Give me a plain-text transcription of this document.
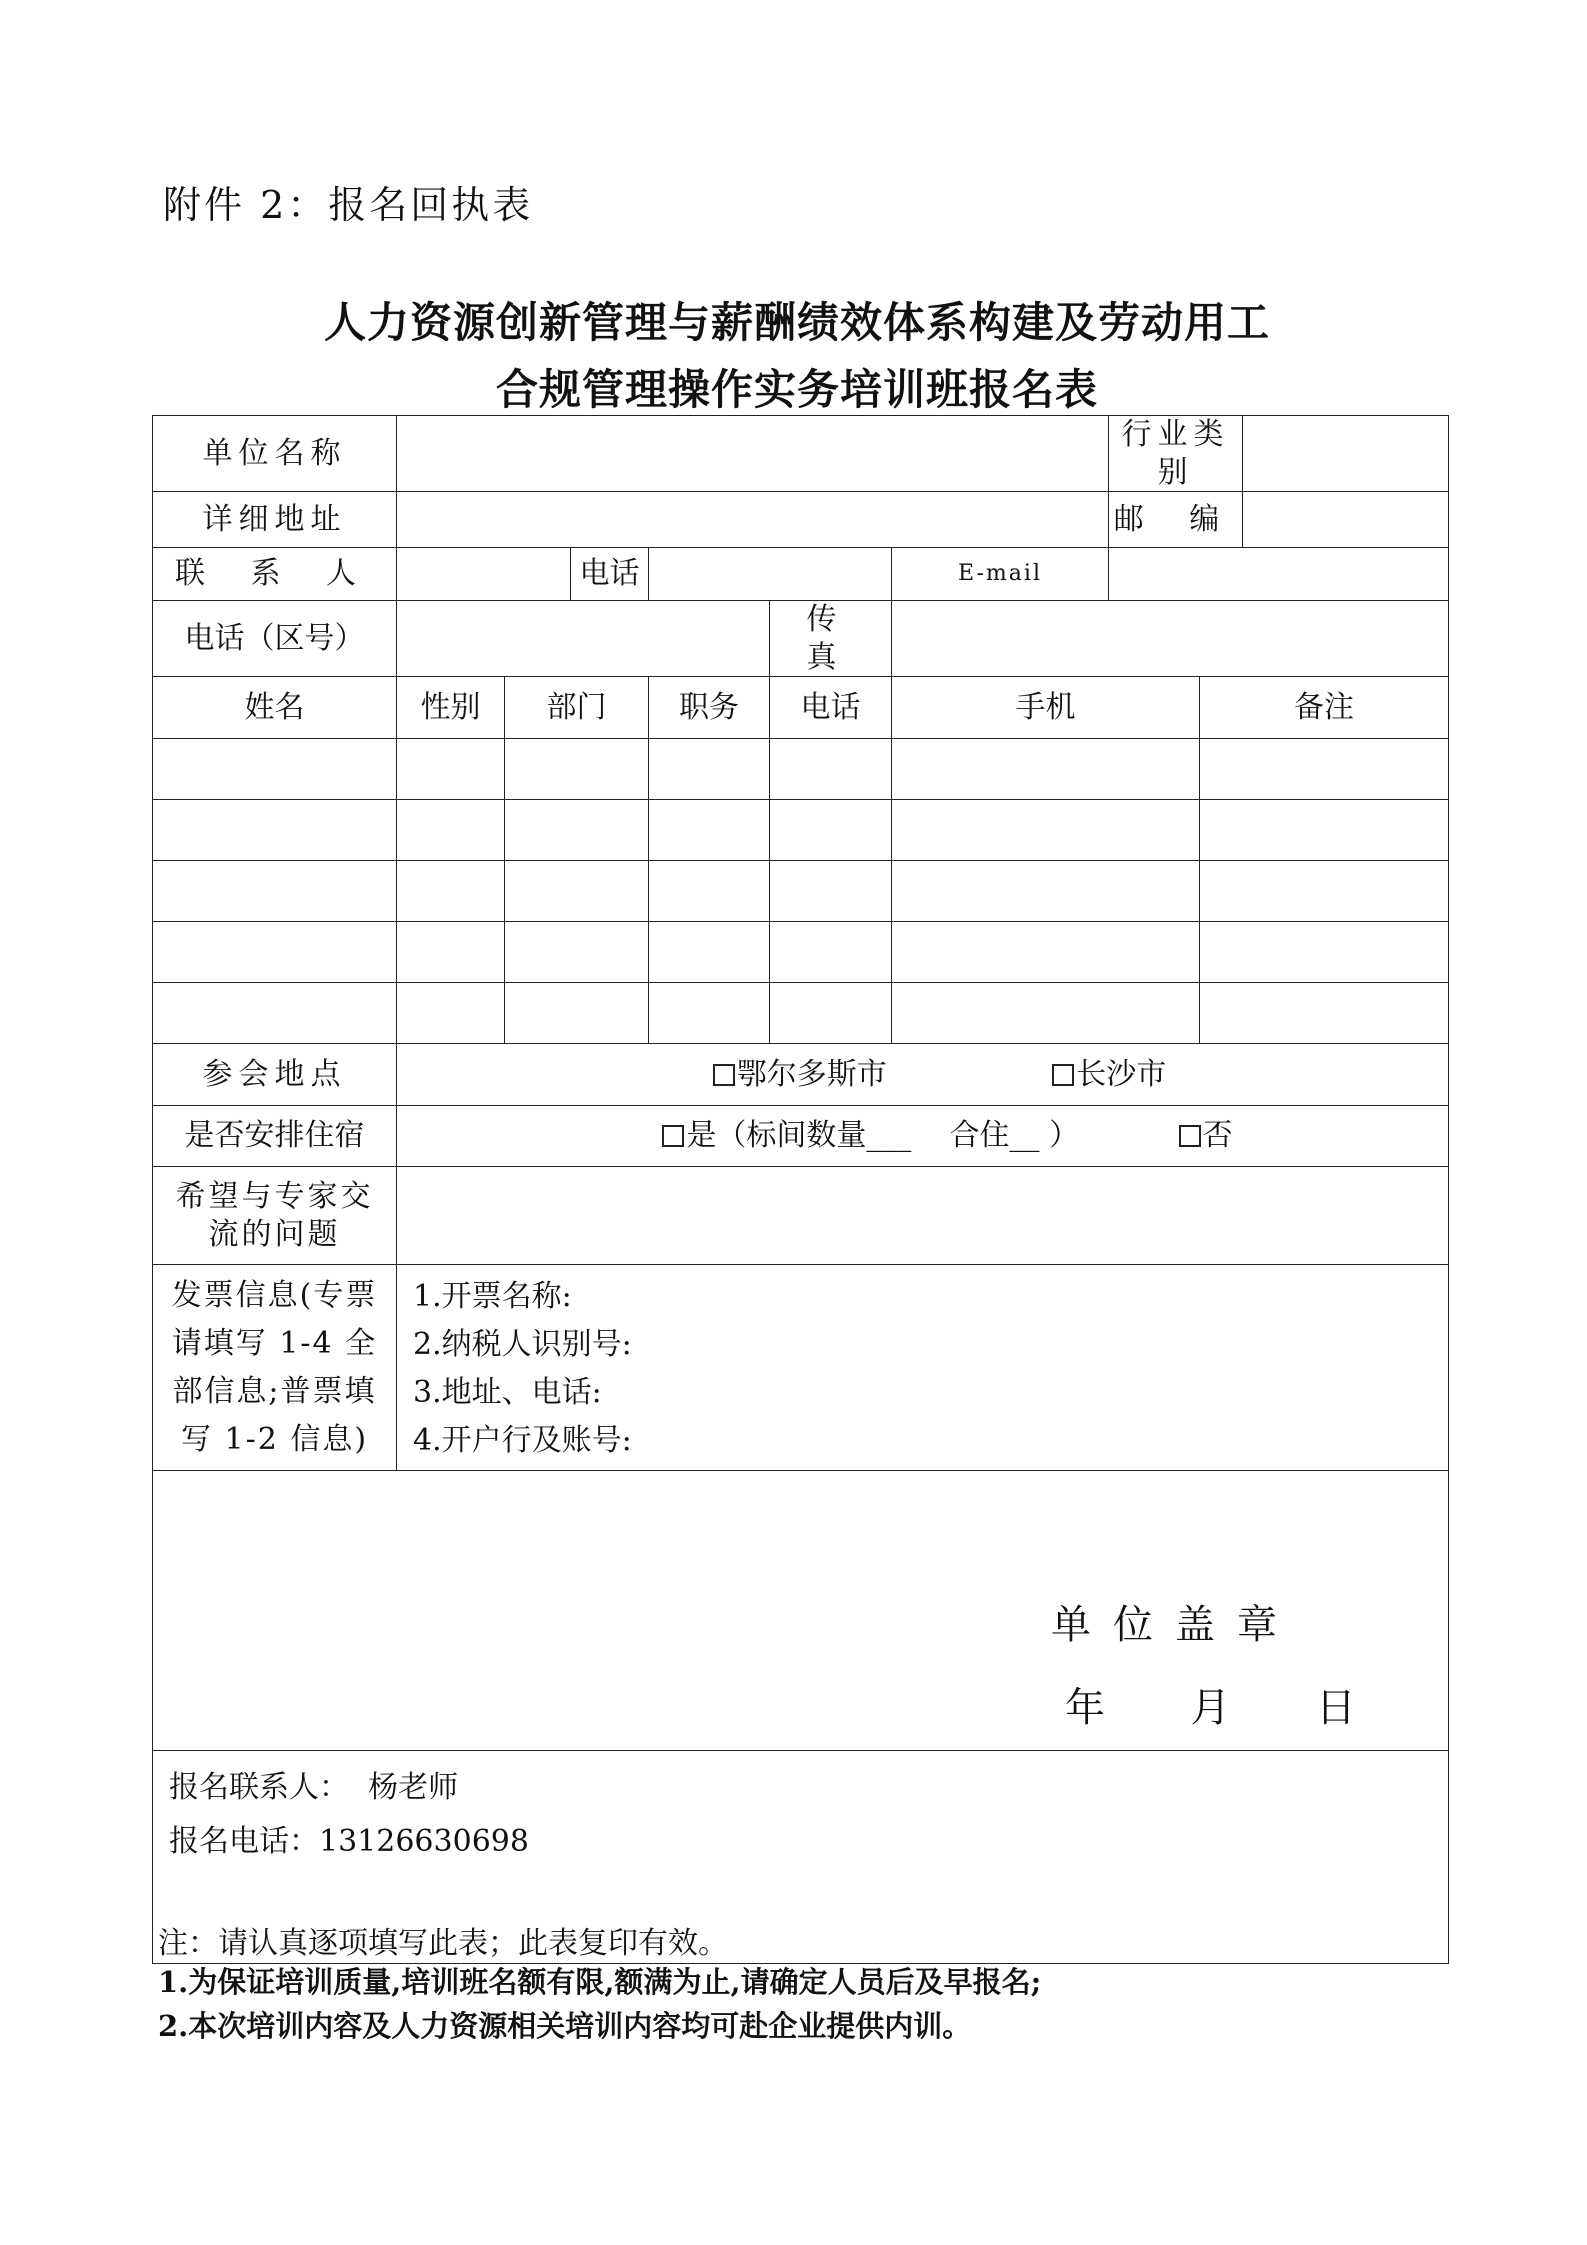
附件 2：报名回执表
人力资源创新管理与薪酬绩效体系构建及劳动用工
合规管理操作实务培训班报名表
单位名称							行业类别		
详细地址							邮 编		
联 系 人			电话			E-mail			
电话（区号）					传 真				
姓名	性别	部门		职务	电话	手机		备注	

参会地点	鄂尔多斯市 长沙市								
是否安排住宿	是（标间数量___    合住__ ） 否								
希望与专家交流的问题									
发票信息(专票请填写 1-4 全部信息;普票填写 1-2 信息)	1.开票名称:
2.纳税人识别号:
3.地址、电话:
4.开户行及账号:								

单位盖章
年  月  日									

报名联系人：  杨老师
报名电话：13126630698									
注：请认真逐项填写此表；此表复印有效。
1.为保证培训质量,培训班名额有限,额满为止,请确定人员后及早报名;
2.本次培训内容及人力资源相关培训内容均可赴企业提供内训。
